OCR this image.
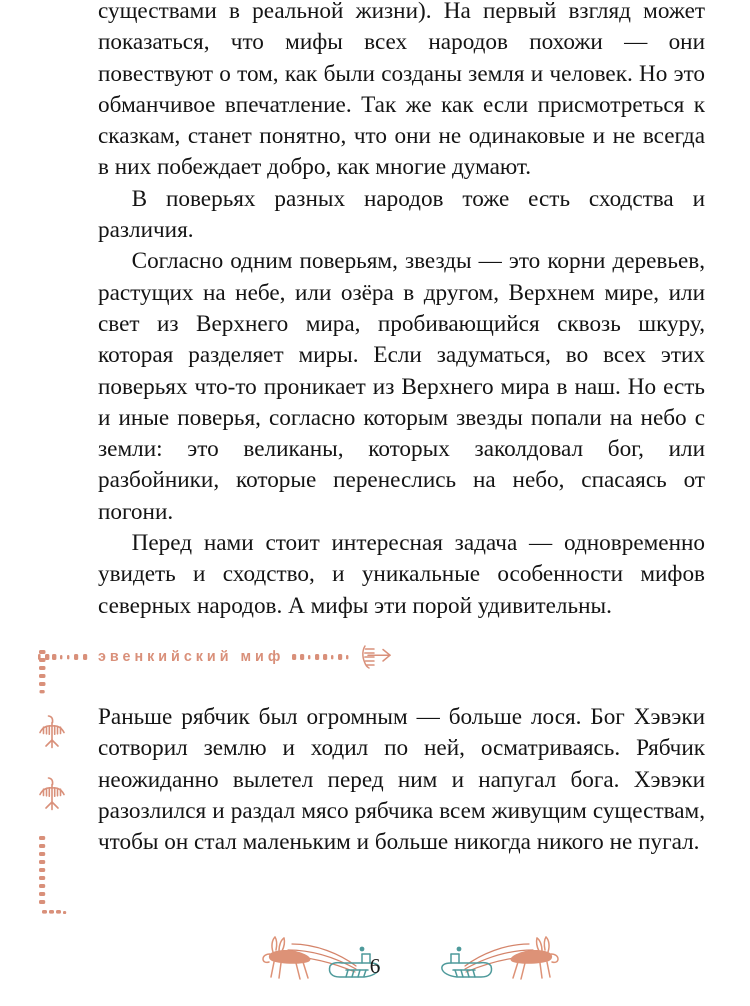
существами в реальной жизни). На первый взгляд может показаться, что мифы всех народов похожи — они повествуют о том, как были созданы земля и человек. Но это обманчивое впечатление. Так же как если присмотреться к сказкам, станет понятно, что они не одинаковые и не всегда в них побеждает добро, как многие думают.

В поверьях разных народов тоже есть сходства и различия.

Согласно одним поверьям, звезды — это корни деревьев, растущих на небе, или озёра в другом, Верхнем мире, или свет из Верхнего мира, пробивающийся сквозь шкуру, которая разделяет миры. Если задуматься, во всех этих поверьях что-то проникает из Верхнего мира в наш. Но есть и иные поверья, согласно которым звезды попали на небо с земли: это великаны, которых заколдовал бог, или разбойники, которые перенеслись на небо, спасаясь от погони.

Перед нами стоит интересная задача — одновременно увидеть и сходство, и уникальные особенности мифов северных народов. А мифы эти порой удивительны.

эвенкийский миф

Раньше рябчик был огромным — больше лося. Бог Хэвэки сотворил землю и ходил по ней, осматриваясь. Рябчик неожиданно вылетел перед ним и напугал бога. Хэвэки разозлился и раздал мясо рябчика всем живущим существам, чтобы он стал маленьким и больше никогда никого не пугал.

6
